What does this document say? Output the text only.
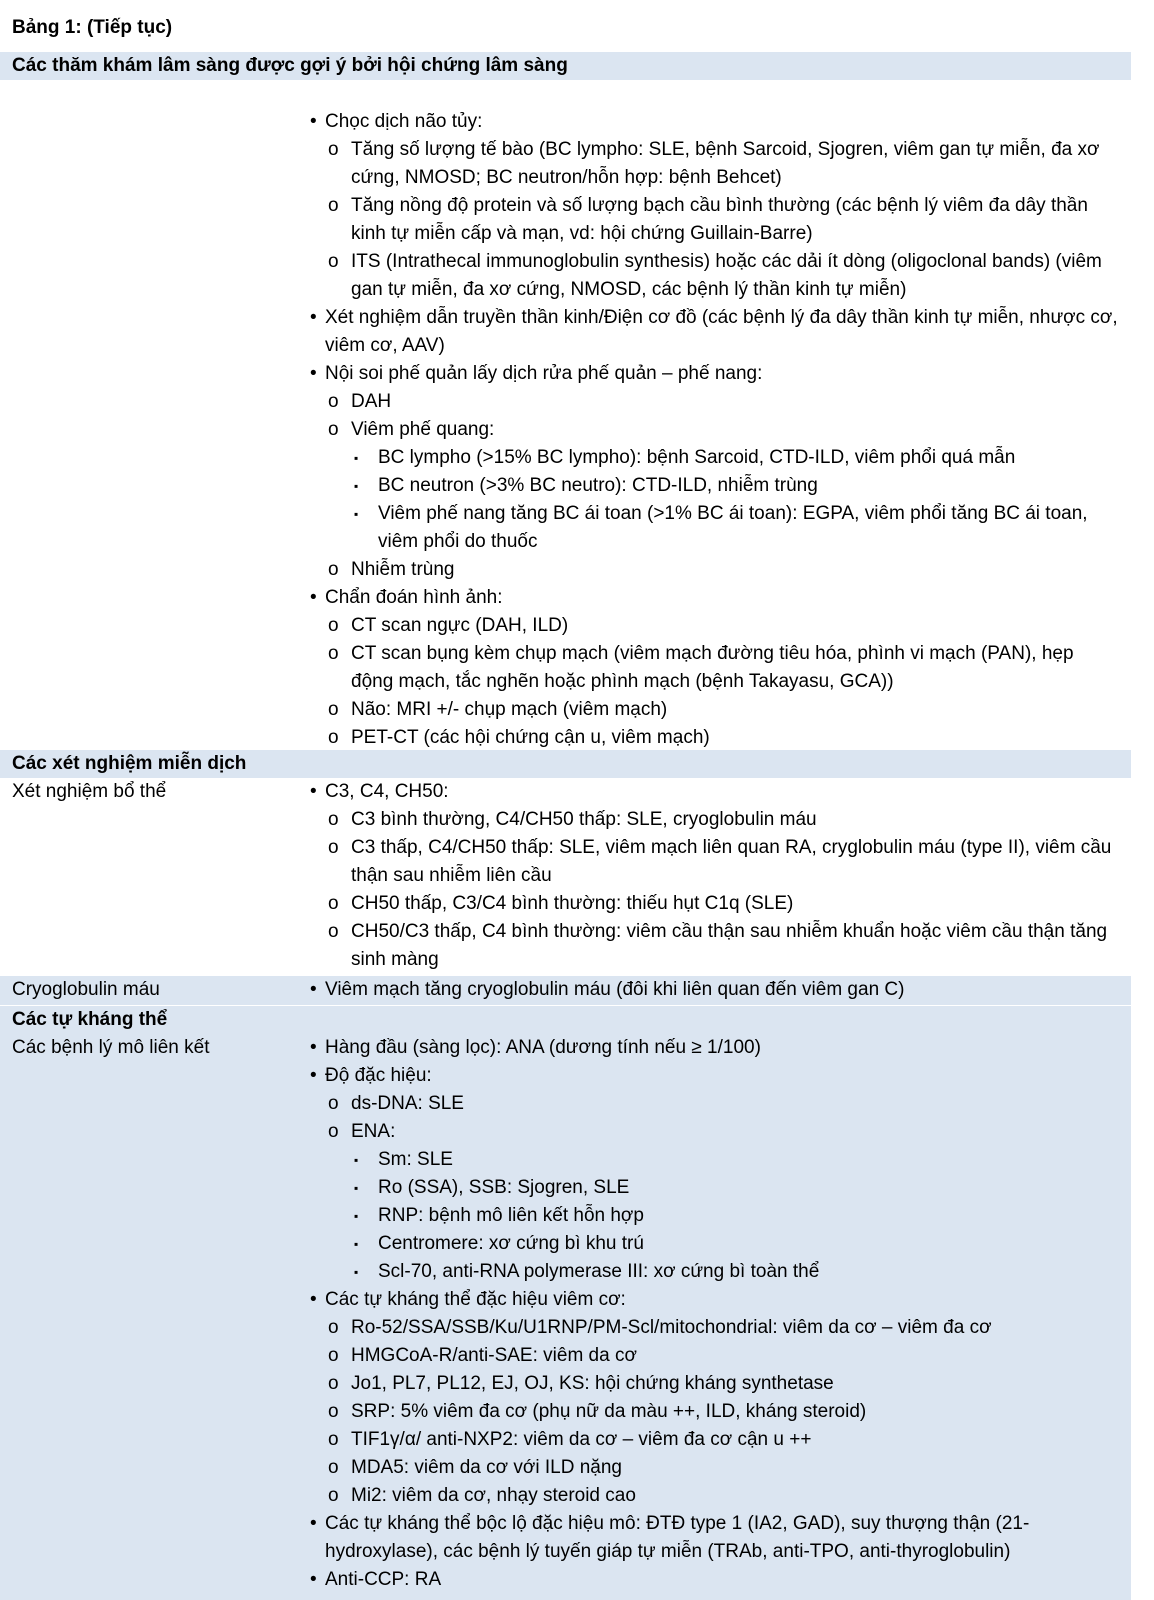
Bảng 1: (Tiếp tục)
Các thăm khám lâm sàng được gợi ý bởi hội chứng lâm sàng
• Chọc dịch não tủy:
o Tăng số lượng tế bào (BC lympho: SLE, bệnh Sarcoid, Sjogren, viêm gan tự miễn, đa xơ cứng, NMOSD; BC neutron/hỗn hợp: bệnh Behcet)
o Tăng nồng độ protein và số lượng bạch cầu bình thường (các bệnh lý viêm đa dây thần kinh tự miễn cấp và mạn, vd: hội chứng Guillain-Barre)
o ITS (Intrathecal immunoglobulin synthesis) hoặc các dải ít dòng (oligoclonal bands) (viêm gan tự miễn, đa xơ cứng, NMOSD, các bệnh lý thần kinh tự miễn)
• Xét nghiệm dẫn truyền thần kinh/Điện cơ đồ (các bệnh lý đa dây thần kinh tự miễn, nhược cơ, viêm cơ, AAV)
• Nội soi phế quản lấy dịch rửa phế quản – phế nang:
o DAH
o Viêm phế quang:
▪ BC lympho (>15% BC lympho): bệnh Sarcoid, CTD-ILD, viêm phổi quá mẫn
▪ BC neutron (>3% BC neutro): CTD-ILD, nhiễm trùng
▪ Viêm phế nang tăng BC ái toan (>1% BC ái toan): EGPA, viêm phổi tăng BC ái toan, viêm phổi do thuốc
o Nhiễm trùng
• Chẩn đoán hình ảnh:
o CT scan ngực (DAH, ILD)
o CT scan bụng kèm chụp mạch (viêm mạch đường tiêu hóa, phình vi mạch (PAN), hẹp động mạch, tắc nghẽn hoặc phình mạch (bệnh Takayasu, GCA))
o Não: MRI +/- chụp mạch (viêm mạch)
o PET-CT (các hội chứng cận u, viêm mạch)
Các xét nghiệm miễn dịch
Xét nghiệm bổ thể	• C3, C4, CH50:
o C3 bình thường, C4/CH50 thấp: SLE, cryoglobulin máu
o C3 thấp, C4/CH50 thấp: SLE, viêm mạch liên quan RA, cryglobulin máu (type II), viêm cầu thận sau nhiễm liên cầu
o CH50 thấp, C3/C4 bình thường: thiếu hụt C1q (SLE)
o CH50/C3 thấp, C4 bình thường: viêm cầu thận sau nhiễm khuẩn hoặc viêm cầu thận tăng sinh màng
Cryoglobulin máu	• Viêm mạch tăng cryoglobulin máu (đôi khi liên quan đến viêm gan C)
Các tự kháng thể
Các bệnh lý mô liên kết	• Hàng đầu (sàng lọc): ANA (dương tính nếu ≥ 1/100)
• Độ đặc hiệu:
o ds-DNA: SLE
o ENA:
▪ Sm: SLE
▪ Ro (SSA), SSB: Sjogren, SLE
▪ RNP: bệnh mô liên kết hỗn hợp
▪ Centromere: xơ cứng bì khu trú
▪ Scl-70, anti-RNA polymerase III: xơ cứng bì toàn thể
• Các tự kháng thể đặc hiệu viêm cơ:
o Ro-52/SSA/SSB/Ku/U1RNP/PM-Scl/mitochondrial: viêm da cơ – viêm đa cơ
o HMGCoA-R/anti-SAE: viêm da cơ
o Jo1, PL7, PL12, EJ, OJ, KS: hội chứng kháng synthetase
o SRP: 5% viêm đa cơ (phụ nữ da màu ++, ILD, kháng steroid)
o TIF1γ/α/ anti-NXP2: viêm da cơ – viêm đa cơ cận u ++
o MDA5: viêm da cơ với ILD nặng
o Mi2: viêm da cơ, nhạy steroid cao
• Các tự kháng thể bộc lộ đặc hiệu mô: ĐTĐ type 1 (IA2, GAD), suy thượng thận (21-hydroxylase), các bệnh lý tuyến giáp tự miễn (TRAb, anti-TPO, anti-thyroglobulin)
• Anti-CCP: RA
